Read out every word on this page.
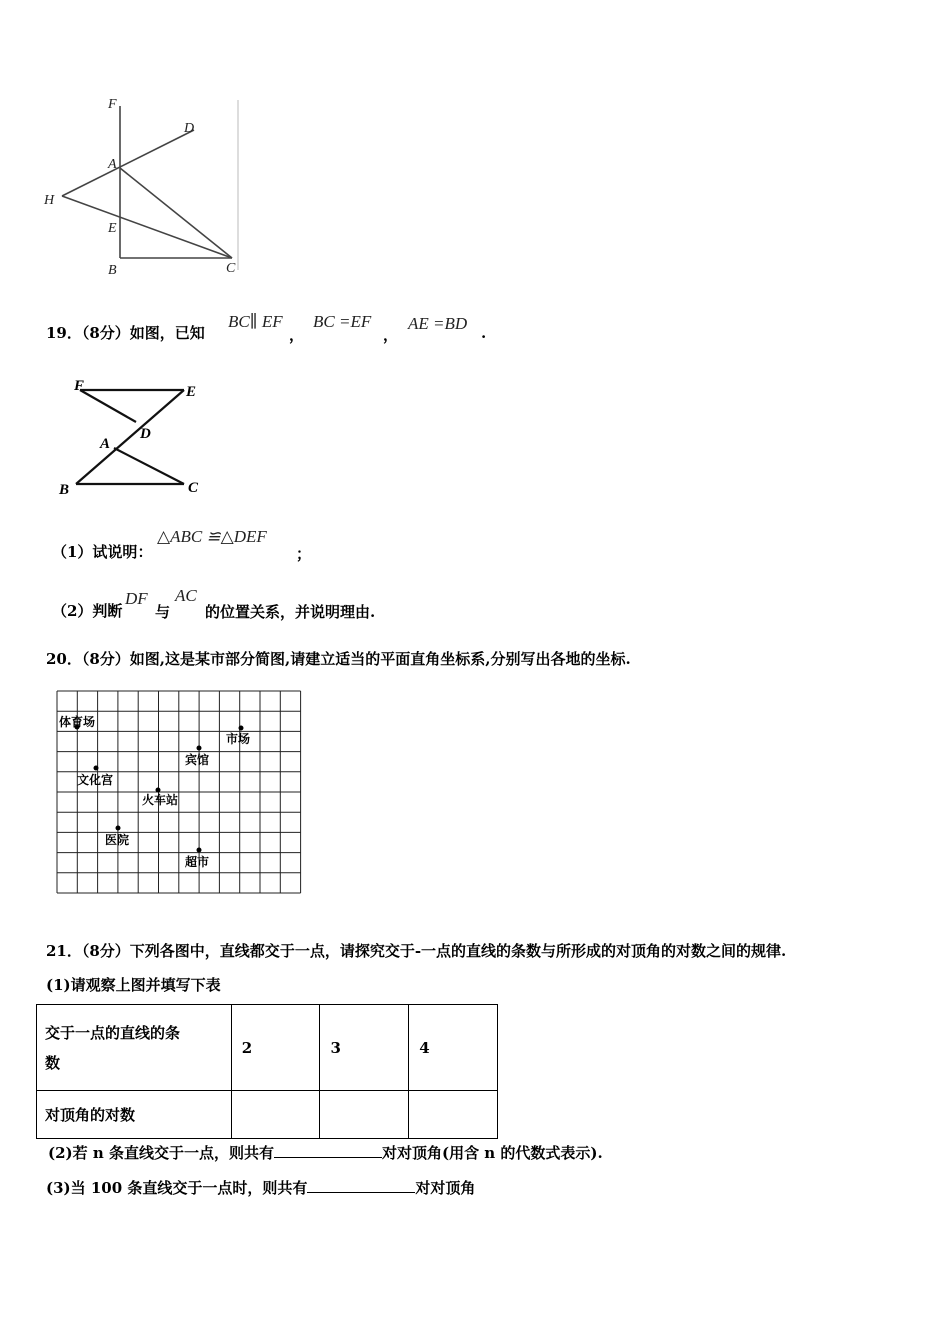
F
D
A
H
E
B	C
19．（8分）如图，已知
BC∥ EF
，
BC =EF
，
AE =BD .
F	E
A
D
B	C
（1）试说明：
△ABC ≌△DEF
；
（2）判断
DF
与
AC
的位置关系，并说明理由.
20．（8分）如图,这是某市部分简图,请建立适当的平面直角坐标系,分别写出各地的坐标.
体育场
市场
宾馆
文化宫
火车站
医院
超市
21．（8分）下列各图中，直线都交于一点，请探究交于-一点的直线的条数与所形成的对顶角的对数之间的规律.
(1)请观察上图并填写下表
交于一点的直线的条
数	2	3	4
对顶角的对数			
(2)若 n 条直线交于一点，则共有	对对顶角(用含 n 的代数式表示).
(3)当 100 条直线交于一点时，则共有	对对顶角
